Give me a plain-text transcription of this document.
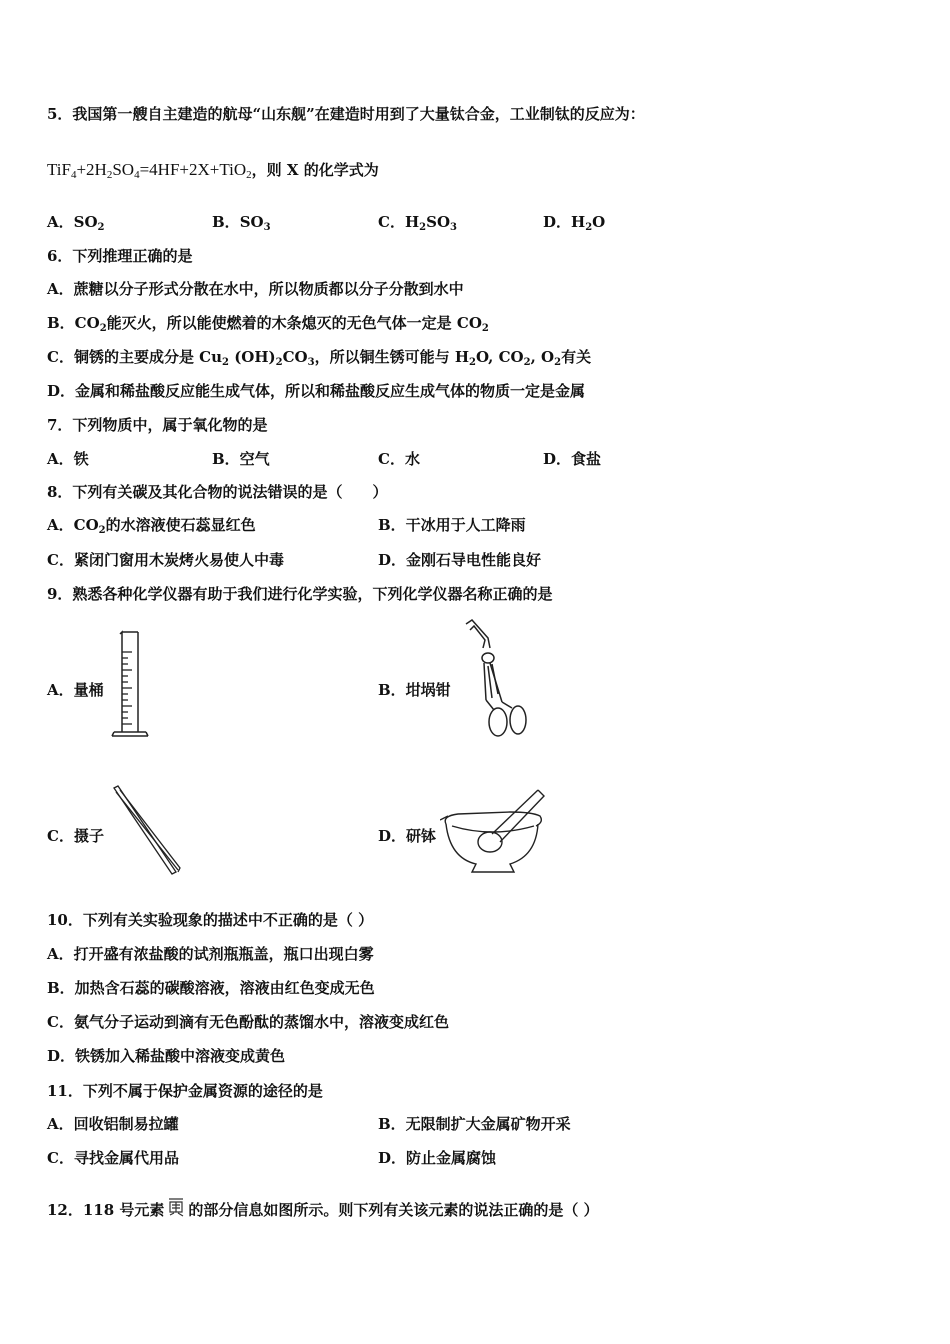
5．我国第一艘自主建造的航母“山东舰”在建造时用到了大量钛合金，工业制钛的反应为：
$TiF_4+2H_2SO_4=4HF+2X+TiO_2$，则 X 的化学式为
A．$SO_2$	B．$SO_3$	C．$H_2SO_3$	D．$H_2O$
6．下列推理正确的是
A．蔗糖以分子形式分散在水中，所以物质都以分子分散到水中
B．$CO_2$能灭火，所以能使燃着的木条熄灭的无色气体一定是 $CO_2$
C．铜锈的主要成分是 $Cu_2$ $(OH)_2CO_3$，所以铜生锈可能与 $H_2O$, $CO_2$, $O_2$有关
D．金属和稀盐酸反应能生成气体，所以和稀盐酸反应生成气体的物质一定是金属
7．下列物质中，属于氧化物的是
A．铁	B．空气	C．水	D．食盐
8．下列有关碳及其化合物的说法错误的是（　　）
A．$CO_2$的水溶液使石蕊显红色	B．干冰用于人工降雨
C．紧闭门窗用木炭烤火易使人中毒	D．金刚石导电性能良好
9．熟悉各种化学仪器有助于我们进行化学实验，下列化学仪器名称正确的是
A．量桶	B．坩埚钳
C．摄子	D．研钵
10．下列有关实验现象的描述中不正确的是（ ）
A．打开盛有浓盐酸的试剂瓶瓶盖，瓶口出现白雾
B．加热含石蕊的碳酸溶液，溶液由红色变成无色
C．氨气分子运动到滴有无色酚酞的蒸馏水中，溶液变成红色
D．铁锈加入稀盐酸中溶液变成黄色
11．下列不属于保护金属资源的途径的是
A．回收铝制易拉罐	B．无限制扩大金属矿物开采
C．寻找金属代用品	D．防止金属腐蚀
12．118 号元素 的部分信息如图所示。则下列有关该元素的说法正确的是（ ）
